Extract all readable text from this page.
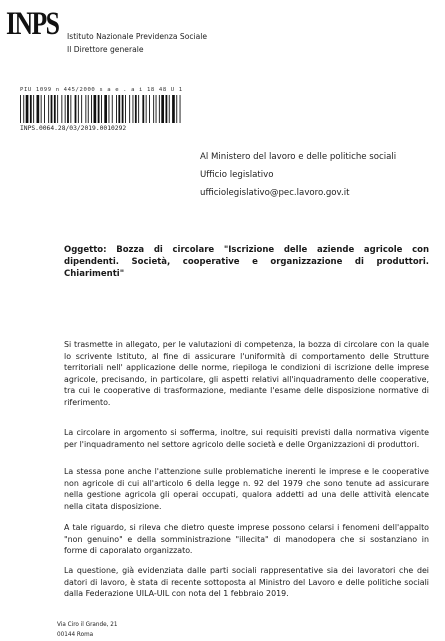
INPS Istituto Nazionale Previdenza Sociale
Il Direttore generale
PIU 1099 n 445/2000 s a e . a i 18 48 U 1
INPS.0064.28/03/2019.0010292
Al Ministero del lavoro e delle politiche sociali
Ufficio legislativo
ufficiolegislativo@pec.lavoro.gov.it
Oggetto: Bozza di circolare "Iscrizione delle aziende agricole con dipendenti. Società, cooperative e organizzazione di produttori. Chiarimenti"

Si trasmette in allegato, per le valutazioni di competenza, la bozza di circolare con la quale lo scrivente Istituto, al fine di assicurare l'uniformità di comportamento delle Strutture territoriali nell' applicazione delle norme, riepiloga le condizioni di iscrizione delle imprese agricole, precisando, in particolare, gli aspetti relativi all'inquadramento delle cooperative, tra cui le cooperative di trasformazione, mediante l'esame delle disposizione normative di riferimento.

La circolare in argomento si sofferma, inoltre, sui requisiti previsti dalla normativa vigente per l'inquadramento nel settore agricolo delle società e delle Organizzazioni di produttori.

La stessa pone anche l'attenzione sulle problematiche inerenti le imprese e le cooperative non agricole di cui all'articolo 6 della legge n. 92 del 1979 che sono tenute ad assicurare nella gestione agricola gli operai occupati, qualora addetti ad una delle attività elencate nella citata disposizione.

A tale riguardo, si rileva che dietro queste imprese possono celarsi i fenomeni dell'appalto "non genuino" e della somministrazione "illecita" di manodopera che si sostanziano in forme di caporalato organizzato.

La questione, già evidenziata dalle parti sociali rappresentative sia dei lavoratori che dei datori di lavoro, è stata di recente sottoposta al Ministro del Lavoro e delle politiche sociali dalla Federazione UILA-UIL con nota del 1 febbraio 2019.

Via Ciro il Grande, 21
00144 Roma
